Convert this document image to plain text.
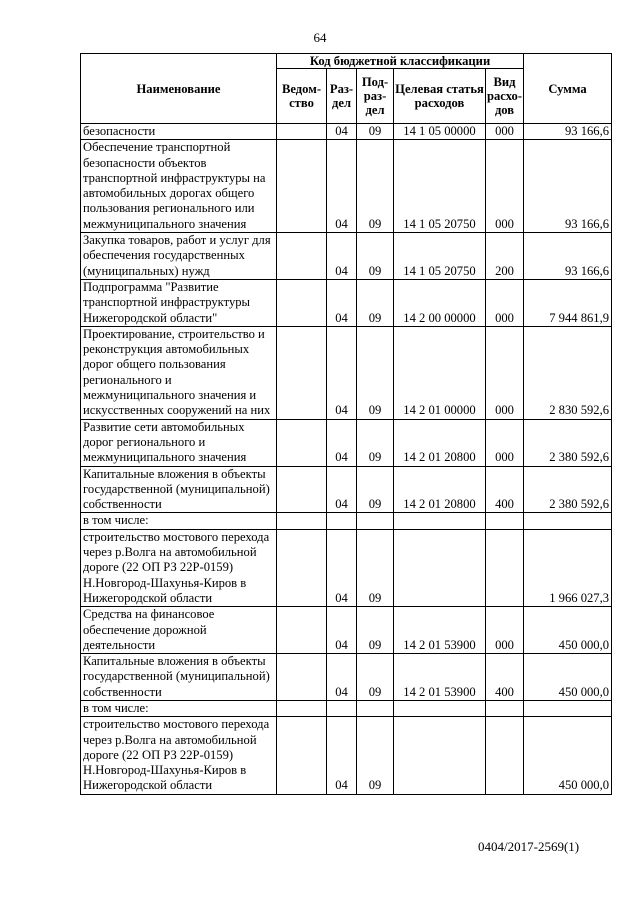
64
Наименование	Код бюджетной классификации					Сумма
	Ведом-ство	Раз-дел	Под-раз-дел	Целевая статья расходов	Вид расхо-дов	
безопасности		04	09	14 1 05 00000	000	93 166,6
Обеспечение транспортной безопасности объектов транспортной инфраструктуры на автомобильных дорогах общего пользования регионального или межмуниципального значения		04	09	14 1 05 20750	000	93 166,6
Закупка товаров, работ и услуг для обеспечения государственных (муниципальных) нужд		04	09	14 1 05 20750	200	93 166,6
Подпрограмма "Развитие транспортной инфраструктуры Нижегородской области"		04	09	14 2 00 00000	000	7 944 861,9
Проектирование, строительство и реконструкция автомобильных дорог общего пользования регионального и межмуниципального значения и искусственных сооружений на них		04	09	14 2 01 00000	000	2 830 592,6
Развитие сети автомобильных дорог регионального и межмуниципального значения		04	09	14 2 01 20800	000	2 380 592,6
Капитальные вложения в объекты государственной (муниципальной) собственности		04	09	14 2 01 20800	400	2 380 592,6
в том числе:						
строительство мостового перехода через р.Волга на автомобильной дороге (22 ОП РЗ 22Р-0159) Н.Новгород-Шахунья-Киров в Нижегородской области		04	09			1 966 027,3
Средства на финансовое обеспечение дорожной деятельности		04	09	14 2 01 53900	000	450 000,0
Капитальные вложения в объекты государственной (муниципальной) собственности		04	09	14 2 01 53900	400	450 000,0
в том числе:						
строительство мостового перехода через р.Волга на автомобильной дороге (22 ОП РЗ 22Р-0159) Н.Новгород-Шахунья-Киров в Нижегородской области		04	09			450 000,0
0404/2017-2569(1)
